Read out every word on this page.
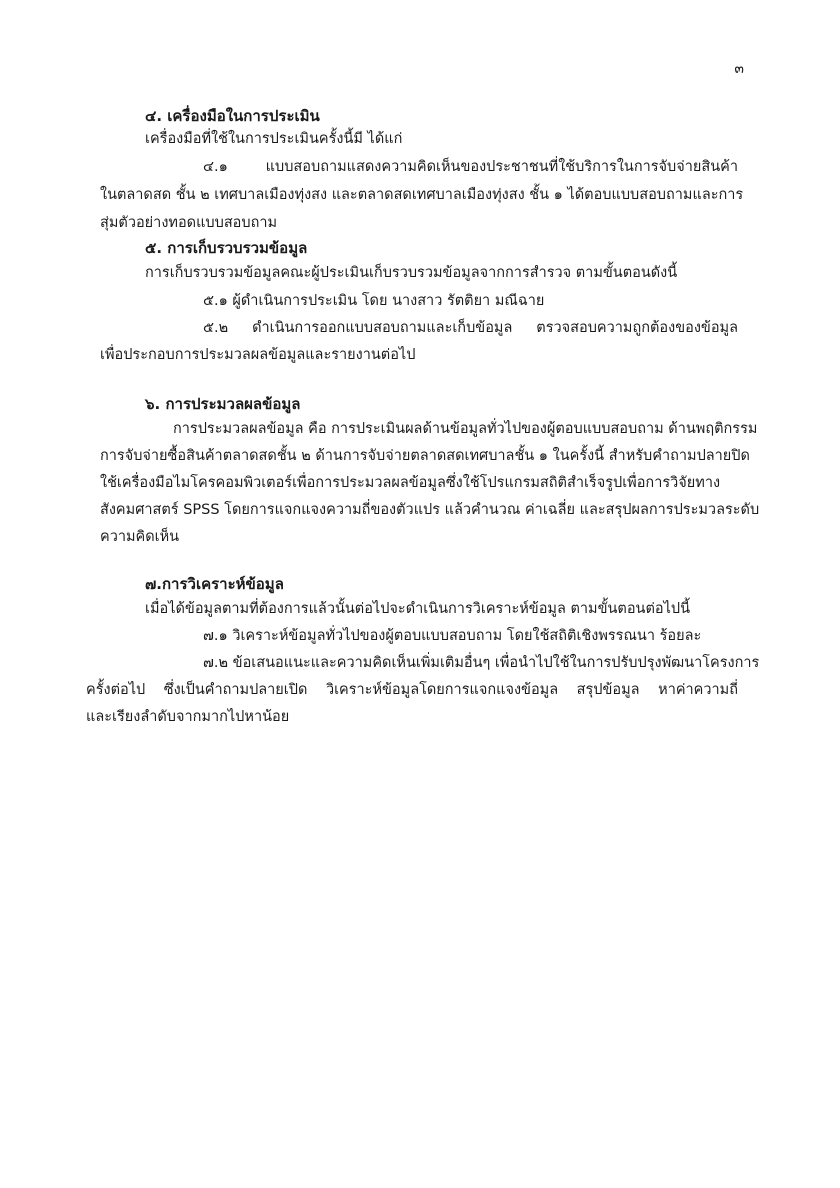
๓
๔. เครื่องมือในการประเมิน
เครื่องมือที่ใช้ในการประเมินครั้งนี้มี ได้แก่
๔.๑ แบบสอบถามแสดงความคิดเห็นของประชาชนที่ใช้บริการในการจับจ่ายสินค้า
ในตลาดสด ชั้น ๒ เทศบาลเมืองทุ่งสง และตลาดสดเทศบาลเมืองทุ่งสง ชั้น ๑ ได้ตอบแบบสอบถามและการ
สุ่มตัวอย่างทอดแบบสอบถาม
๕. การเก็บรวบรวมข้อมูล
การเก็บรวบรวมข้อมูลคณะผู้ประเมินเก็บรวบรวมข้อมูลจากการสำรวจ ตามขั้นตอนดังนี้
๕.๑ ผู้ดำเนินการประเมิน โดย นางสาว รัตติยา มณีฉาย
๕.๒ ดำเนินการออกแบบสอบถามและเก็บข้อมูล ตรวจสอบความถูกต้องของข้อมูล
เพื่อประกอบการประมวลผลข้อมูลและรายงานต่อไป
๖. การประมวลผลข้อมูล
การประมวลผลข้อมูล คือ การประเมินผลด้านข้อมูลทั่วไปของผู้ตอบแบบสอบถาม ด้านพฤติกรรม
การจับจ่ายซื้อสินค้าตลาดสดชั้น ๒ ด้านการจับจ่ายตลาดสดเทศบาลชั้น ๑ ในครั้งนี้ สำหรับคำถามปลายปิด
ใช้เครื่องมือไมโครคอมพิวเตอร์เพื่อการประมวลผลข้อมูลซึ่งใช้โปรแกรมสถิติสำเร็จรูปเพื่อการวิจัยทาง
สังคมศาสตร์ SPSS โดยการแจกแจงความถี่ของตัวแปร แล้วคำนวณ ค่าเฉลี่ย และสรุปผลการประมวลระดับ
ความคิดเห็น
๗.การวิเคราะห์ข้อมูล
เมื่อได้ข้อมูลตามที่ต้องการแล้วนั้นต่อไปจะดำเนินการวิเคราะห์ข้อมูล ตามขั้นตอนต่อไปนี้
๗.๑ วิเคราะห์ข้อมูลทั่วไปของผู้ตอบแบบสอบถาม โดยใช้สถิติเชิงพรรณนา ร้อยละ
๗.๒ ข้อเสนอแนะและความคิดเห็นเพิ่มเติมอื่นๆ เพื่อนำไปใช้ในการปรับปรุงพัฒนาโครงการ
ครั้งต่อไป ซึ่งเป็นคำถามปลายเปิด วิเคราะห์ข้อมูลโดยการแจกแจงข้อมูล สรุปข้อมูล หาค่าความถี่
และเรียงลำดับจากมากไปหาน้อย
